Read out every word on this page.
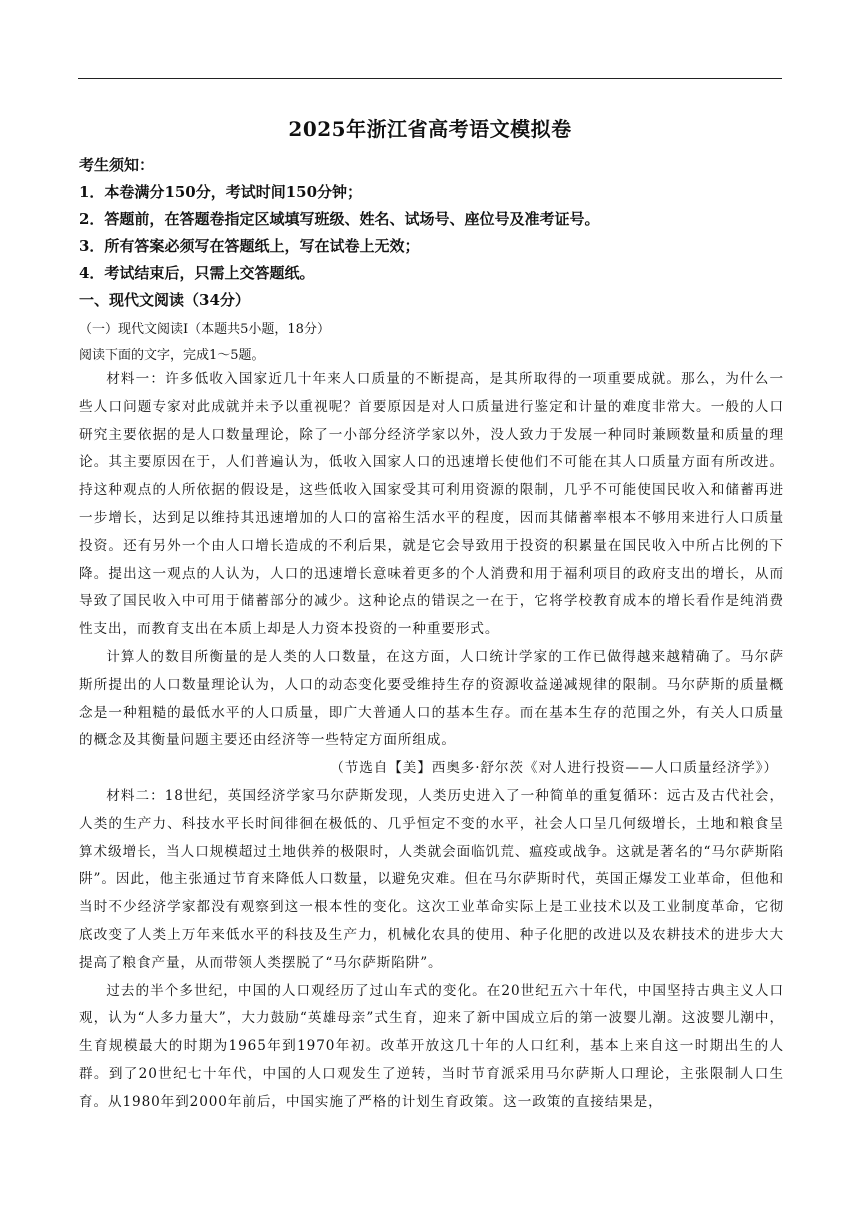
2025年浙江省高考语文模拟卷
考生须知：
1．本卷满分150分，考试时间150分钟；
2．答题前，在答题卷指定区域填写班级、姓名、试场号、座位号及准考证号。
3．所有答案必须写在答题纸上，写在试卷上无效；
4．考试结束后，只需上交答题纸。
一、现代文阅读（34分）
（一）现代文阅读Ⅰ（本题共5小题，18分）
阅读下面的文字，完成1～5题。

材料一：许多低收入国家近几十年来人口质量的不断提高，是其所取得的一项重要成就。那么，为什么一些人口问题专家对此成就并未予以重视呢？首要原因是对人口质量进行鉴定和计量的难度非常大。一般的人口研究主要依据的是人口数量理论，除了一小部分经济学家以外，没人致力于发展一种同时兼顾数量和质量的理论。其主要原因在于，人们普遍认为，低收入国家人口的迅速增长使他们不可能在其人口质量方面有所改进。持这种观点的人所依据的假设是，这些低收入国家受其可利用资源的限制，几乎不可能使国民收入和储蓄再进一步增长，达到足以维持其迅速增加的人口的富裕生活水平的程度，因而其储蓄率根本不够用来进行人口质量投资。还有另外一个由人口增长造成的不利后果，就是它会导致用于投资的积累量在国民收入中所占比例的下降。提出这一观点的人认为，人口的迅速增长意味着更多的个人消费和用于福利项目的政府支出的增长，从而导致了国民收入中可用于储蓄部分的减少。这种论点的错误之一在于，它将学校教育成本的增长看作是纯消费性支出，而教育支出在本质上却是人力资本投资的一种重要形式。

计算人的数目所衡量的是人类的人口数量，在这方面，人口统计学家的工作已做得越来越精确了。马尔萨斯所提出的人口数量理论认为，人口的动态变化要受维持生存的资源收益递减规律的限制。马尔萨斯的质量概念是一种粗糙的最低水平的人口质量，即广大普通人口的基本生存。而在基本生存的范围之外，有关人口质量的概念及其衡量问题主要还由经济等一些特定方面所组成。

（节选自【美】西奥多·舒尔茨《对人进行投资——人口质量经济学》）

材料二：18世纪，英国经济学家马尔萨斯发现，人类历史进入了一种简单的重复循环：远古及古代社会，人类的生产力、科技水平长时间徘徊在极低的、几乎恒定不变的水平，社会人口呈几何级增长，土地和粮食呈算术级增长，当人口规模超过土地供养的极限时，人类就会面临饥荒、瘟疫或战争。这就是著名的“马尔萨斯陷阱”。因此，他主张通过节育来降低人口数量，以避免灾难。但在马尔萨斯时代，英国正爆发工业革命，但他和当时不少经济学家都没有观察到这一根本性的变化。这次工业革命实际上是工业技术以及工业制度革命，它彻底改变了人类上万年来低水平的科技及生产力，机械化农具的使用、种子化肥的改进以及农耕技术的进步大大提高了粮食产量，从而带领人类摆脱了“马尔萨斯陷阱”。

过去的半个多世纪，中国的人口观经历了过山车式的变化。在20世纪五六十年代，中国坚持古典主义人口观，认为“人多力量大”，大力鼓励“英雄母亲”式生育，迎来了新中国成立后的第一波婴儿潮。这波婴儿潮中，生育规模最大的时期为1965年到1970年初。改革开放这几十年的人口红利，基本上来自这一时期出生的人群。到了20世纪七十年代，中国的人口观发生了逆转，当时节育派采用马尔萨斯人口理论，主张限制人口生育。从1980年到2000年前后，中国实施了严格的计划生育政策。这一政策的直接结果是，
